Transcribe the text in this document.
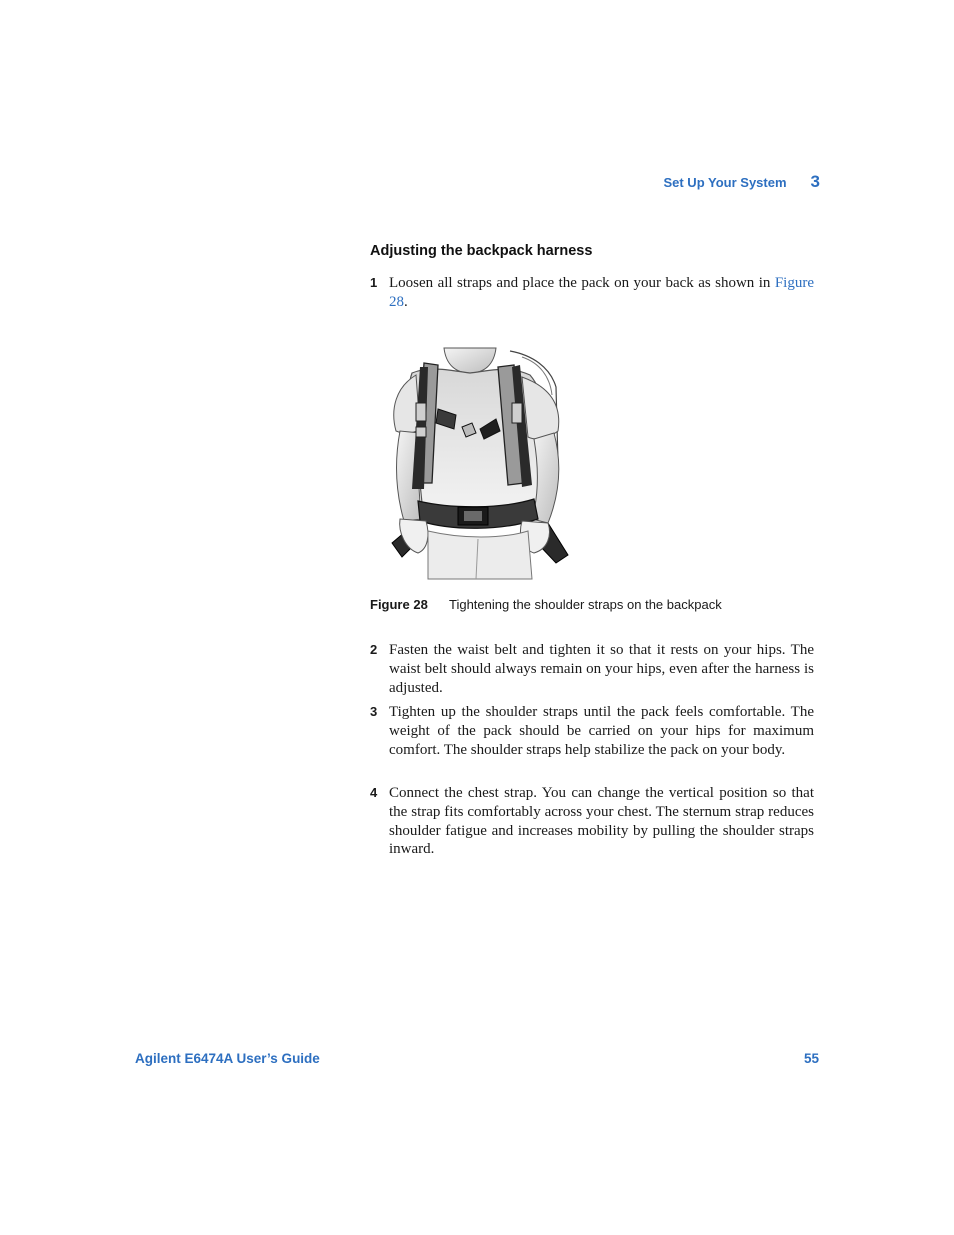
Set Up Your System 3
Adjusting the backpack harness
1 Loosen all straps and place the pack on your back as shown in Figure 28.
Figure 28	Tightening the shoulder straps on the backpack
2 Fasten the waist belt and tighten it so that it rests on your hips. The waist belt should always remain on your hips, even after the harness is adjusted.
3 Tighten up the shoulder straps until the pack feels comfortable. The weight of the pack should be carried on your hips for maximum comfort. The shoulder straps help stabilize the pack on your body.
4 Connect the chest strap. You can change the vertical position so that the strap fits comfortably across your chest. The sternum strap reduces shoulder fatigue and increases mobility by pulling the shoulder straps inward.
Agilent E6474A User’s Guide	55
